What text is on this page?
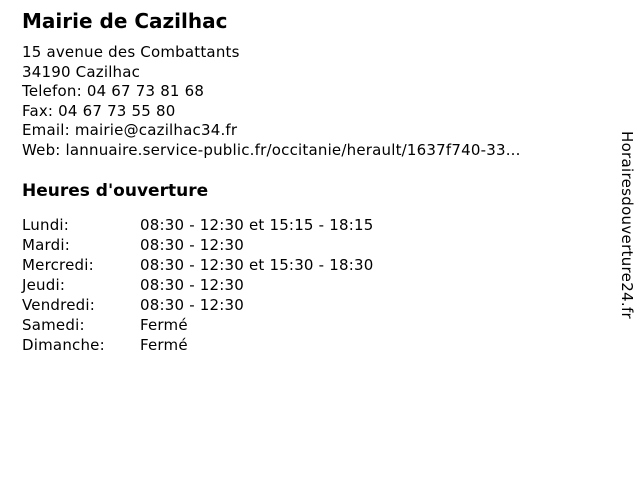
Mairie de Cazilhac
15 avenue des Combattants
34190 Cazilhac
Telefon: 04 67 73 81 68
Fax: 04 67 73 55 80
Email: mairie@cazilhac34.fr
Web: lannuaire.service-public.fr/occitanie/herault/1637f740-33...
Heures d'ouverture
Lundi:	08:30 - 12:30 et 15:15 - 18:15
Mardi:	08:30 - 12:30
Mercredi:	08:30 - 12:30 et 15:30 - 18:30
Jeudi:	08:30 - 12:30
Vendredi:	08:30 - 12:30
Samedi:	Fermé
Dimanche:	Fermé
Horairesdouverture24.fr
